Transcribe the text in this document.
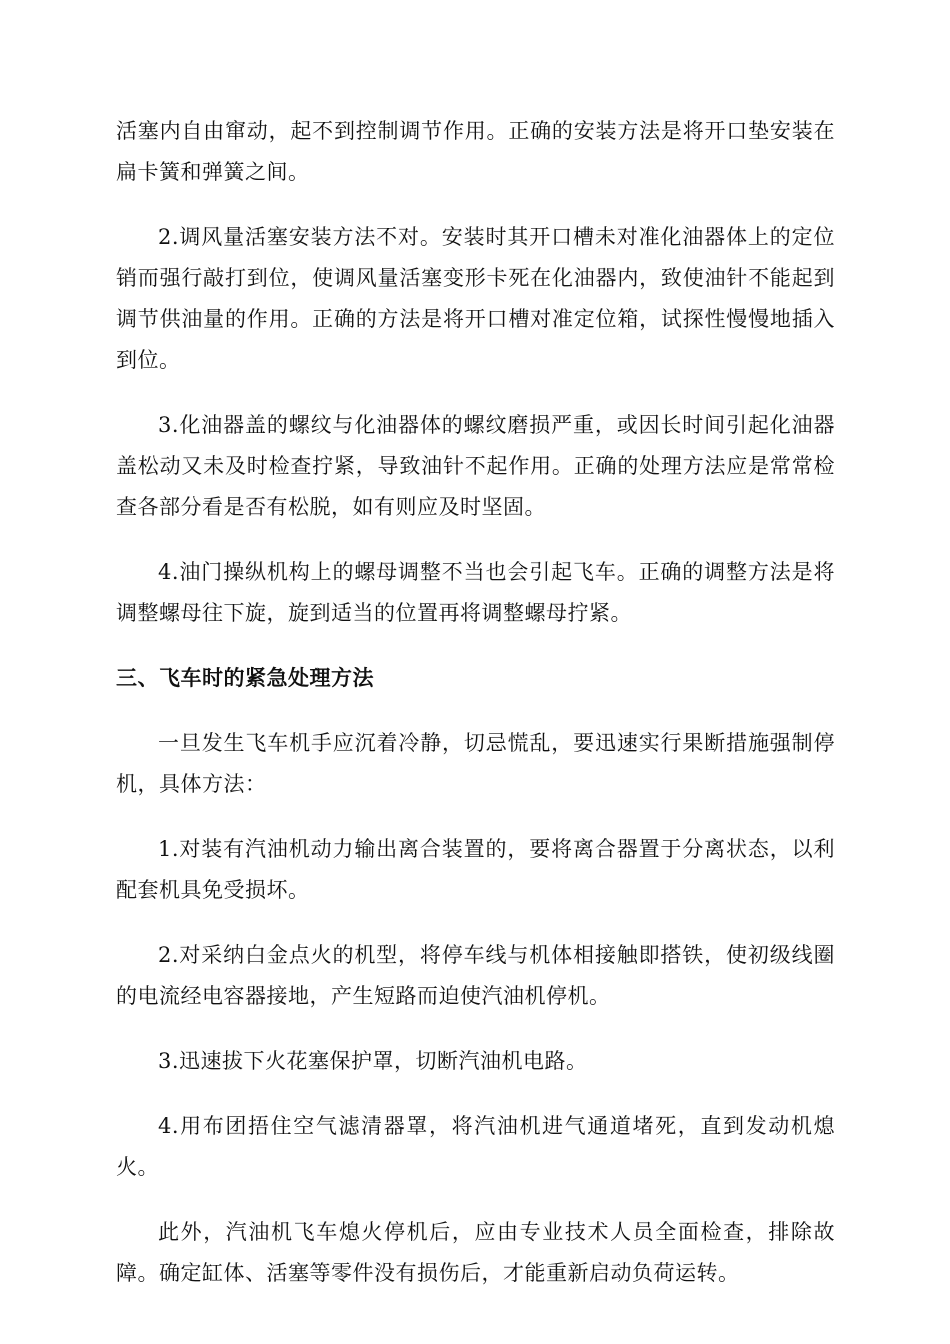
活塞内自由窜动，起不到控制调节作用。正确的安装方法是将开口垫安装在扁卡簧和弹簧之间。

2.调风量活塞安装方法不对。安装时其开口槽未对准化油器体上的定位销而强行敲打到位，使调风量活塞变形卡死在化油器内，致使油针不能起到调节供油量的作用。正确的方法是将开口槽对准定位箱，试探性慢慢地插入到位。

3.化油器盖的螺纹与化油器体的螺纹磨损严重，或因长时间引起化油器盖松动又未及时检查拧紧，导致油针不起作用。正确的处理方法应是常常检查各部分看是否有松脱，如有则应及时坚固。

4.油门操纵机构上的螺母调整不当也会引起飞车。正确的调整方法是将调整螺母往下旋，旋到适当的位置再将调整螺母拧紧。

三、飞车时的紧急处理方法

一旦发生飞车机手应沉着冷静，切忌慌乱，要迅速实行果断措施强制停机，具体方法：

1.对装有汽油机动力输出离合装置的，要将离合器置于分离状态，以利配套机具免受损坏。

2.对采纳白金点火的机型，将停车线与机体相接触即搭铁，使初级线圈的电流经电容器接地，产生短路而迫使汽油机停机。

3.迅速拔下火花塞保护罩，切断汽油机电路。

4.用布团捂住空气滤清器罩，将汽油机进气通道堵死，直到发动机熄火。

此外，汽油机飞车熄火停机后，应由专业技术人员全面检查，排除故障。确定缸体、活塞等零件没有损伤后，才能重新启动负荷运转。
